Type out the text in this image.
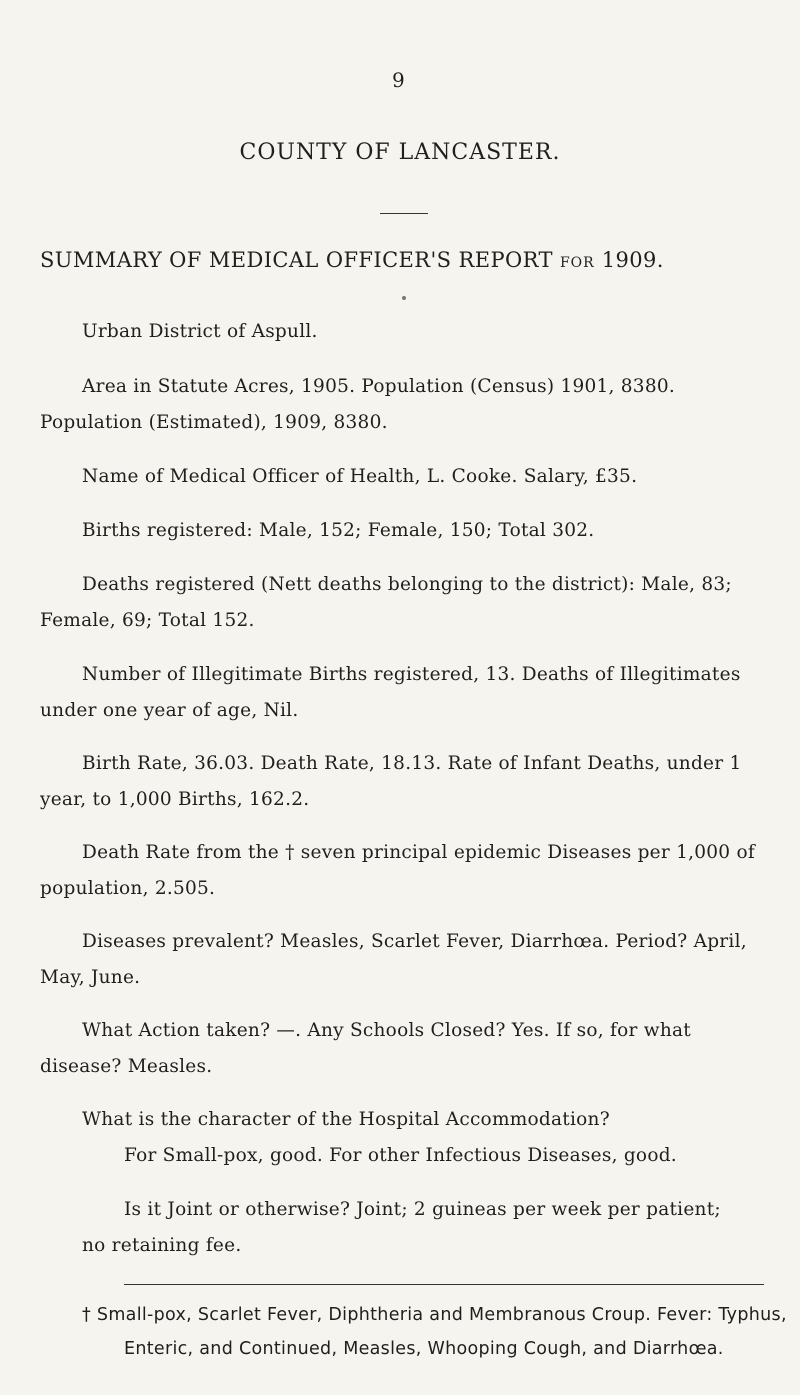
9
COUNTY OF LANCASTER.
SUMMARY OF MEDICAL OFFICER'S REPORT FOR 1909.
Urban District of Aspull.
Area in Statute Acres, 1905. Population (Census) 1901, 8380. Population (Estimated), 1909, 8380.
Name of Medical Officer of Health, L. Cooke. Salary, £35.
Births registered: Male, 152; Female, 150; Total 302.
Deaths registered (Nett deaths belonging to the district): Male, 83; Female, 69; Total 152.
Number of Illegitimate Births registered, 13. Deaths of Illegitimates under one year of age, Nil.
Birth Rate, 36.03. Death Rate, 18.13. Rate of Infant Deaths, under 1 year, to 1,000 Births, 162.2.
Death Rate from the † seven principal epidemic Diseases per 1,000 of population, 2.505.
Diseases prevalent? Measles, Scarlet Fever, Diarrhœa. Period? April, May, June.
What Action taken? —. Any Schools Closed? Yes. If so, for what disease? Measles.
What is the character of the Hospital Accommodation?
For Small-pox, good. For other Infectious Diseases, good.
Is it Joint or otherwise? Joint; 2 guineas per week per patient; no retaining fee.
† Small-pox, Scarlet Fever, Diphtheria and Membranous Croup. Fever: Typhus, Enteric, and Continued, Measles, Whooping Cough, and Diarrhœa.
